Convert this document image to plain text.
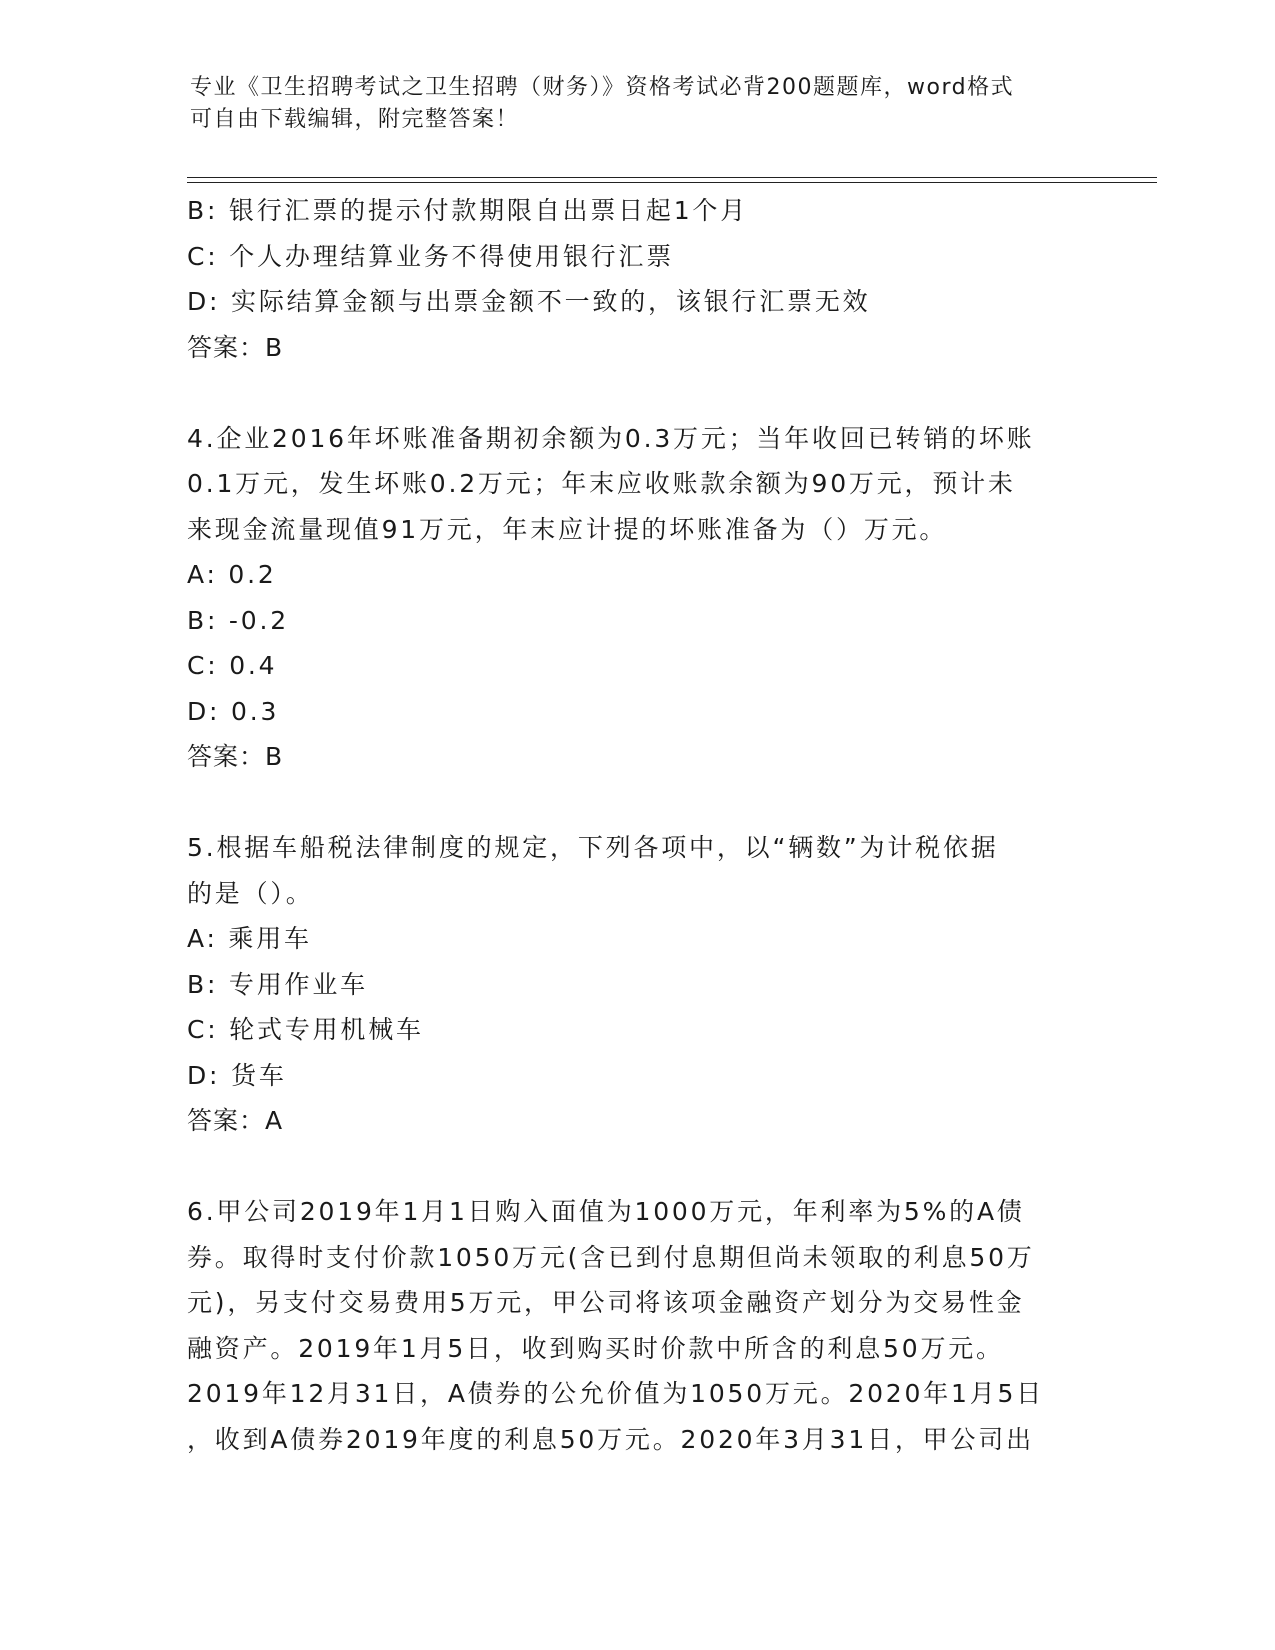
专业《卫生招聘考试之卫生招聘（财务）》资格考试必背200题题库，word格式
可自由下载编辑，附完整答案！
B: 银行汇票的提示付款期限自出票日起1个月
C: 个人办理结算业务不得使用银行汇票
D: 实际结算金额与出票金额不一致的，该银行汇票无效
答案：B
4.企业2016年坏账准备期初余额为0.3万元；当年收回已转销的坏账
0.1万元，发生坏账0.2万元；年末应收账款余额为90万元，预计未
来现金流量现值91万元，年末应计提的坏账准备为（）万元。
A: 0.2
B: -0.2
C: 0.4
D: 0.3
答案：B
5.根据车船税法律制度的规定，下列各项中，以“辆数”为计税依据
的是（）。
A: 乘用车
B: 专用作业车
C: 轮式专用机械车
D: 货车
答案：A
6.甲公司2019年1月1日购入面值为1000万元，年利率为5%的A债
券。取得时支付价款1050万元(含已到付息期但尚未领取的利息50万
元)，另支付交易费用5万元，甲公司将该项金融资产划分为交易性金
融资产。2019年1月5日，收到购买时价款中所含的利息50万元。
2019年12月31日，A债券的公允价值为1050万元。2020年1月5日
，收到A债券2019年度的利息50万元。2020年3月31日，甲公司出
